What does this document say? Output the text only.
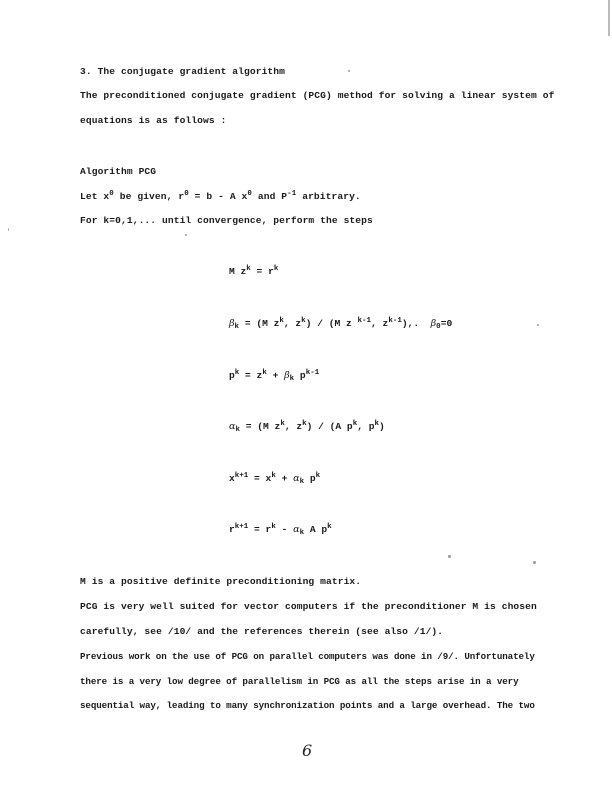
3. The conjugate gradient algorithm
The preconditioned conjugate gradient (PCG) method for solving a linear system of
equations is as follows :
Algorithm PCG
Let $x^0$ be given, $r^0 = b - A$ $x^0$ and $P^{-1}$ arbitrary.
For k=0,1,... until convergence, perform the steps
M $z^k = r^k$
$\beta_k = (M$ $z^k$, $z^k) / (M$ z $^{k-1}$, $z^{k-1}$),. $\beta_0=0$
$p^k = z^k + \beta_k$ $p^{k-1}$
$\alpha_k = (M$ $z^k$, $z^k) / (A$ $p^k$, $p^k$)
$x^{k+1} = x^k + \alpha_k$ $p^k$
$r^{k+1} = r^k - \alpha_k$ A $p^k$
M is a positive definite preconditioning matrix.
PCG is very well suited for vector computers if the preconditioner M is chosen
carefully, see /10/ and the references therein (see also /1/).
Previous work on the use of PCG on parallel computers was done in /9/. Unfortunately
there is a very low degree of parallelism in PCG as all the steps arise in a very
sequential way, leading to many synchronization points and a large overhead. The two
6
